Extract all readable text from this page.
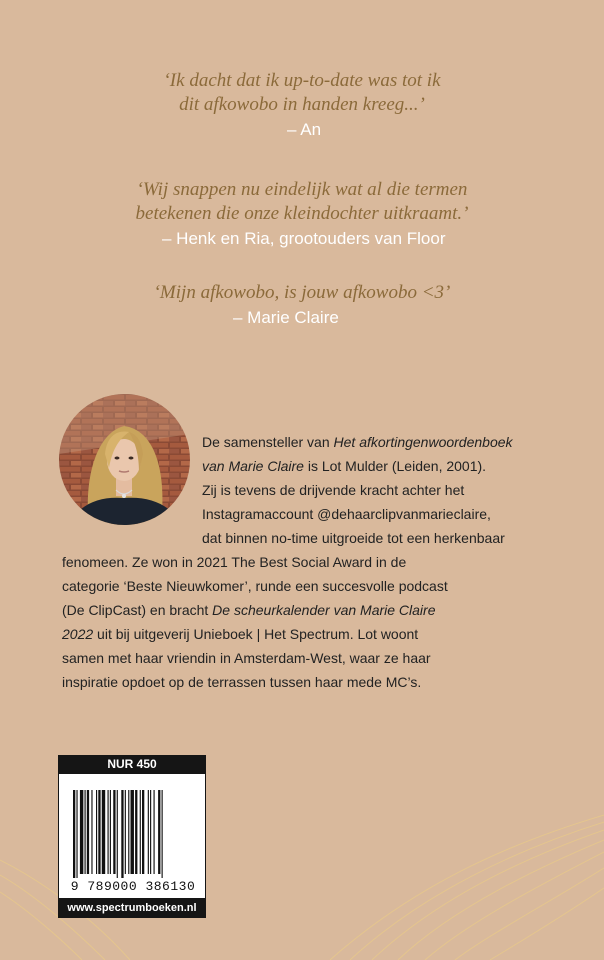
‘Ik dacht dat ik up-to-date was tot ik
dit afkowobo in handen kreeg...’
– An
‘Wij snappen nu eindelijk wat al die termen
betekenen die onze kleindochter uitkraamt.’
– Henk en Ria, grootouders van Floor
‘Mijn afkowobo, is jouw afkowobo <3’
– Marie Claire
De samensteller van Het afkortingenwoordenboek
van Marie Claire is Lot Mulder (Leiden, 2001).
Zij is tevens de drijvende kracht achter het
Instagramaccount @dehaarclipvanmarieclaire,
dat binnen no-time uitgroeide tot een herkenbaar
fenomeen. Ze won in 2021 The Best Social Award in de
categorie ‘Beste Nieuwkomer’, runde een succesvolle podcast
(De ClipCast) en bracht De scheurkalender van Marie Claire
2022 uit bij uitgeverij Unieboek | Het Spectrum. Lot woont
samen met haar vriendin in Amsterdam-West, waar ze haar
inspiratie opdoet op de terrassen tussen haar mede MC’s.
NUR 450
9 789000 386130
www.spectrumboeken.nl
